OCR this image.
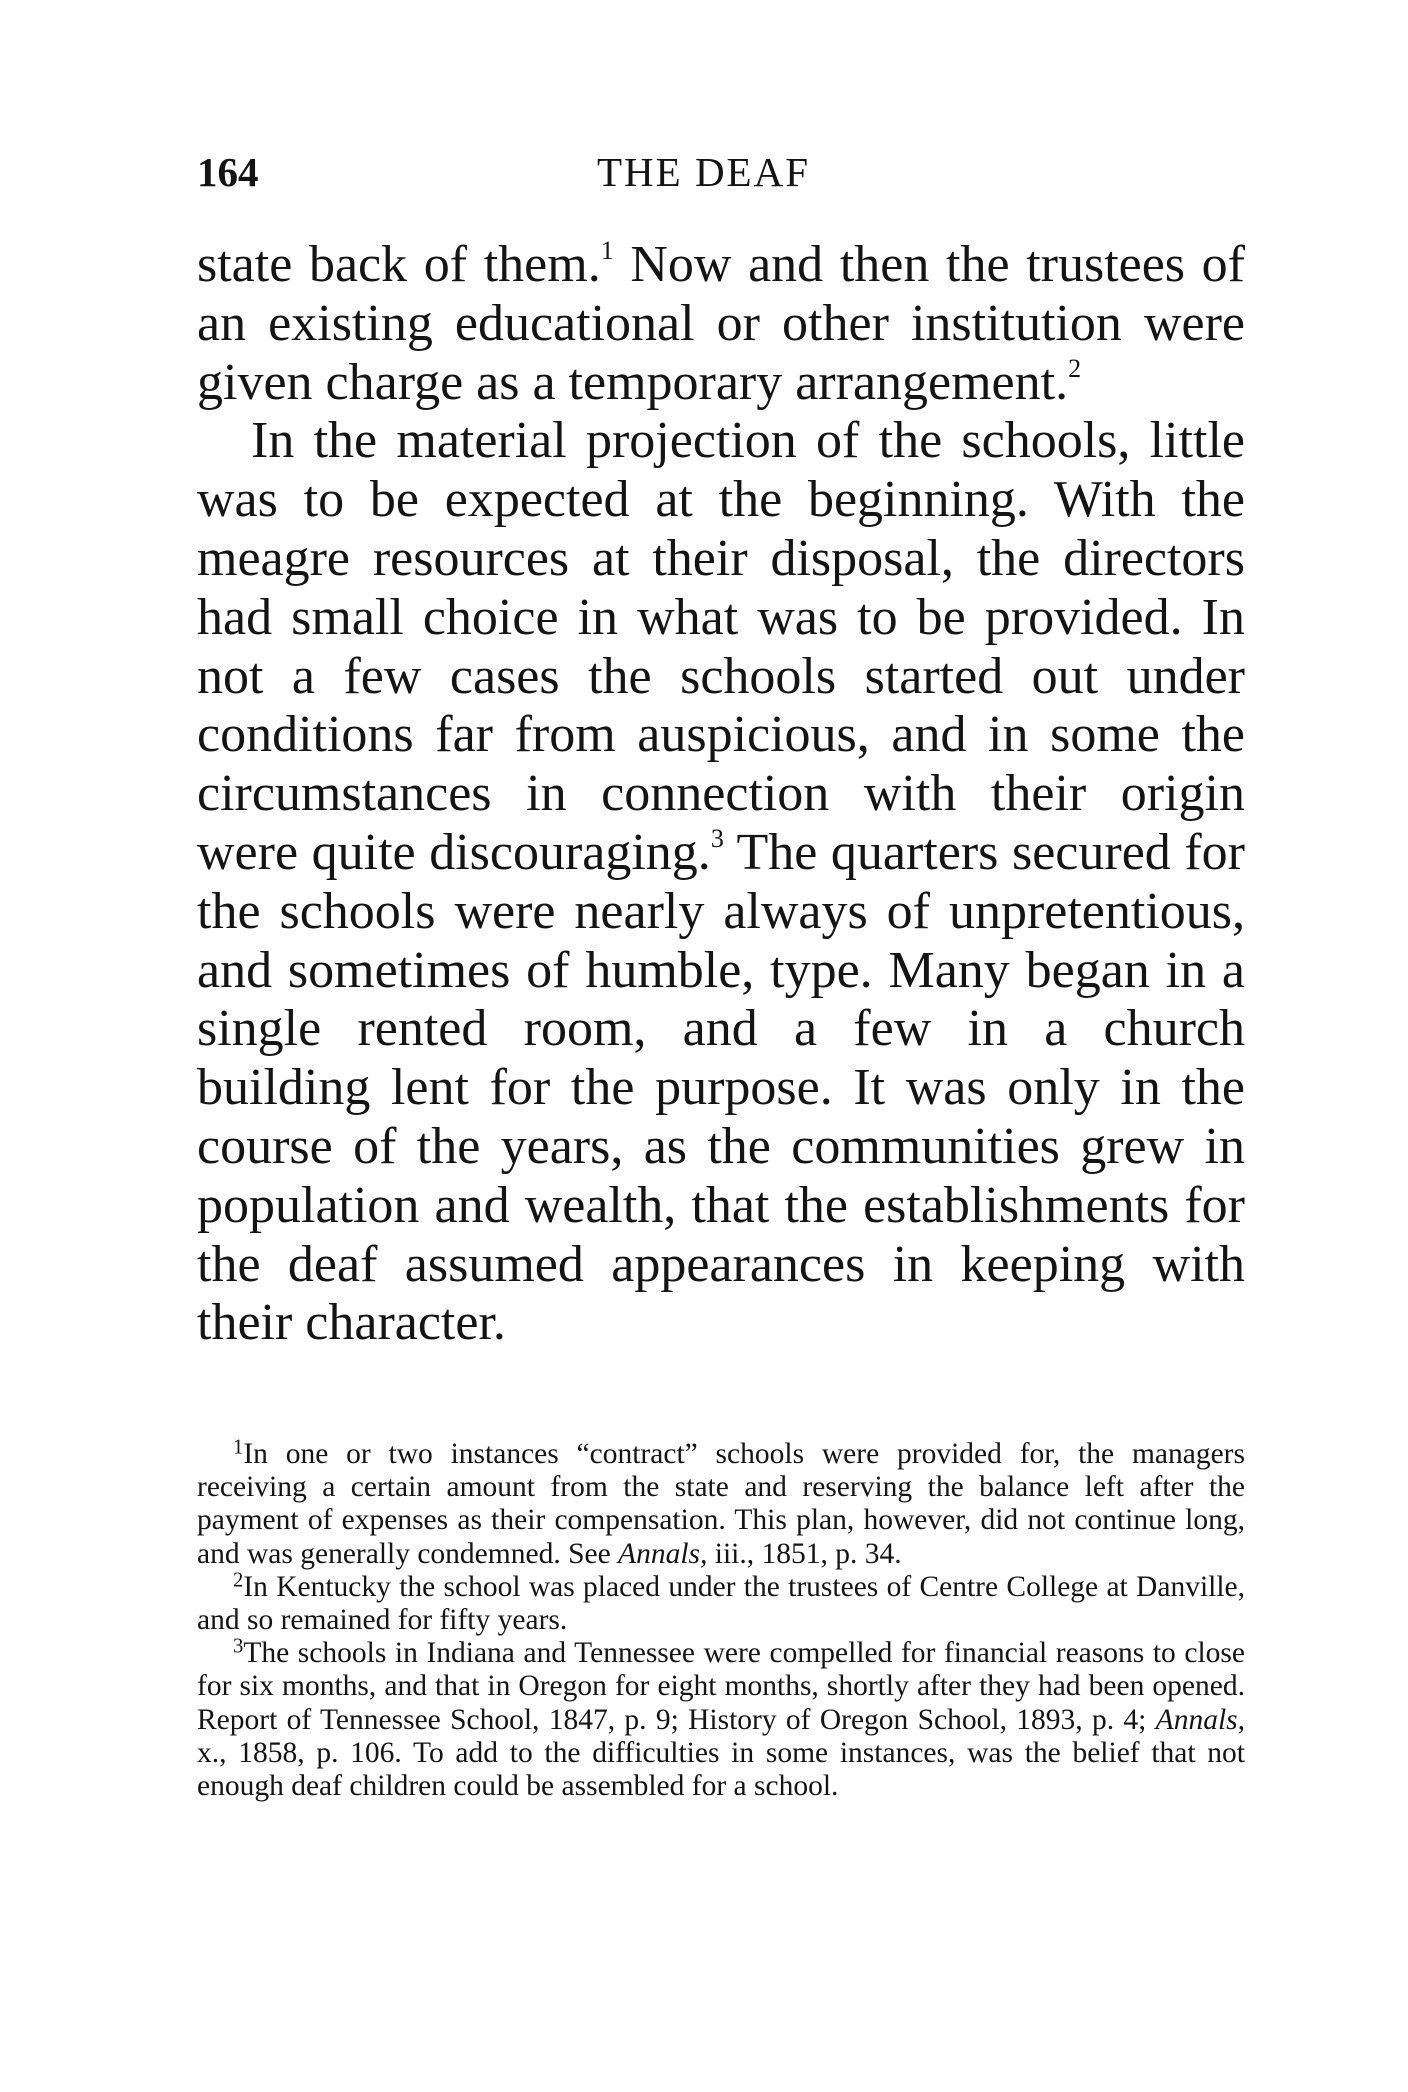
164	THE DEAF

state back of them.$^1$ Now and then the trustees of an existing educational or other institution were given charge as a temporary arrangement.$^2$

In the material projection of the schools, little was to be expected at the beginning. With the meagre resources at their disposal, the directors had small choice in what was to be provided. In not a few cases the schools started out under conditions far from auspicious, and in some the circumstances in connection with their origin were quite discouraging.$^3$ The quarters secured for the schools were nearly always of unpretentious, and sometimes of humble, type. Many began in a single rented room, and a few in a church building lent for the purpose. It was only in the course of the years, as the communities grew in population and wealth, that the establishments for the deaf assumed appearances in keeping with their character.

$^1$In one or two instances “contract” schools were provided for, the managers receiving a certain amount from the state and reserving the balance left after the payment of expenses as their compensation. This plan, however, did not continue long, and was generally condemned. See Annals, iii., 1851, p. 34.

$^2$In Kentucky the school was placed under the trustees of Centre College at Danville, and so remained for fifty years.

$^3$The schools in Indiana and Tennessee were compelled for financial reasons to close for six months, and that in Oregon for eight months, shortly after they had been opened. Report of Tennessee School, 1847, p. 9; History of Oregon School, 1893, p. 4; Annals, x., 1858, p. 106. To add to the difficulties in some instances, was the belief that not enough deaf children could be assembled for a school.
